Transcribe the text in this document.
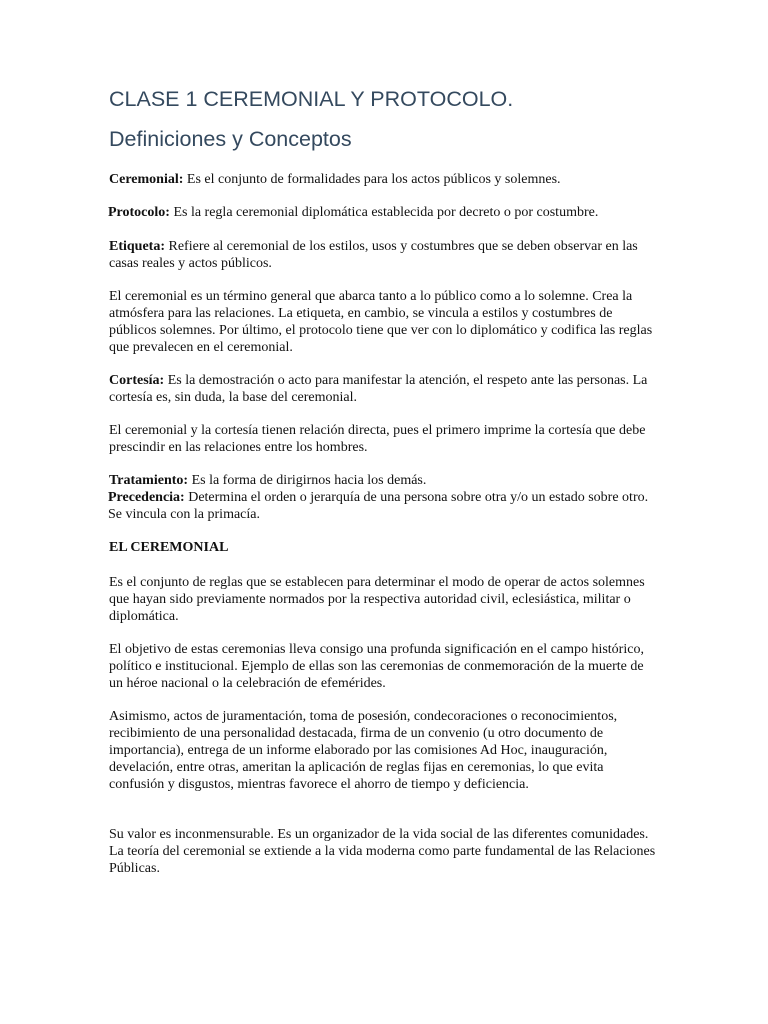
CLASE 1 CEREMONIAL Y PROTOCOLO.
Definiciones y Conceptos

Ceremonial: Es el conjunto de formalidades para los actos públicos y solemnes.

Protocolo: Es la regla ceremonial diplomática establecida por decreto o por costumbre.

Etiqueta: Refiere al ceremonial de los estilos, usos y costumbres que se deben observar en las casas reales y actos públicos.

El ceremonial es un término general que abarca tanto a lo público como a lo solemne. Crea la atmósfera para las relaciones. La etiqueta, en cambio, se vincula a estilos y costumbres de públicos solemnes. Por último, el protocolo tiene que ver con lo diplomático y codifica las reglas que prevalecen en el ceremonial.

Cortesía: Es la demostración o acto para manifestar la atención, el respeto ante las personas. La cortesía es, sin duda, la base del ceremonial.

El ceremonial y la cortesía tienen relación directa, pues el primero imprime la cortesía que debe prescindir en las relaciones entre los hombres.

Tratamiento: Es la forma de dirigirnos hacia los demás.

Precedencia: Determina el orden o jerarquía de una persona sobre otra y/o un estado sobre otro. Se vincula con la primacía.

EL CEREMONIAL

Es el conjunto de reglas que se establecen para determinar el modo de operar de actos solemnes que hayan sido previamente normados por la respectiva autoridad civil, eclesiástica, militar o diplomática.

El objetivo de estas ceremonias lleva consigo una profunda significación en el campo histórico, político e institucional. Ejemplo de ellas son las ceremonias de conmemoración de la muerte de un héroe nacional o la celebración de efemérides.

Asimismo, actos de juramentación, toma de posesión, condecoraciones o reconocimientos, recibimiento de una personalidad destacada, firma de un convenio (u otro documento de importancia), entrega de un informe elaborado por las comisiones Ad Hoc, inauguración, develación, entre otras, ameritan la aplicación de reglas fijas en ceremonias, lo que evita confusión y disgustos, mientras favorece el ahorro de tiempo y deficiencia.

Su valor es inconmensurable. Es un organizador de la vida social de las diferentes comunidades. La teoría del ceremonial se extiende a la vida moderna como parte fundamental de las Relaciones Públicas.
